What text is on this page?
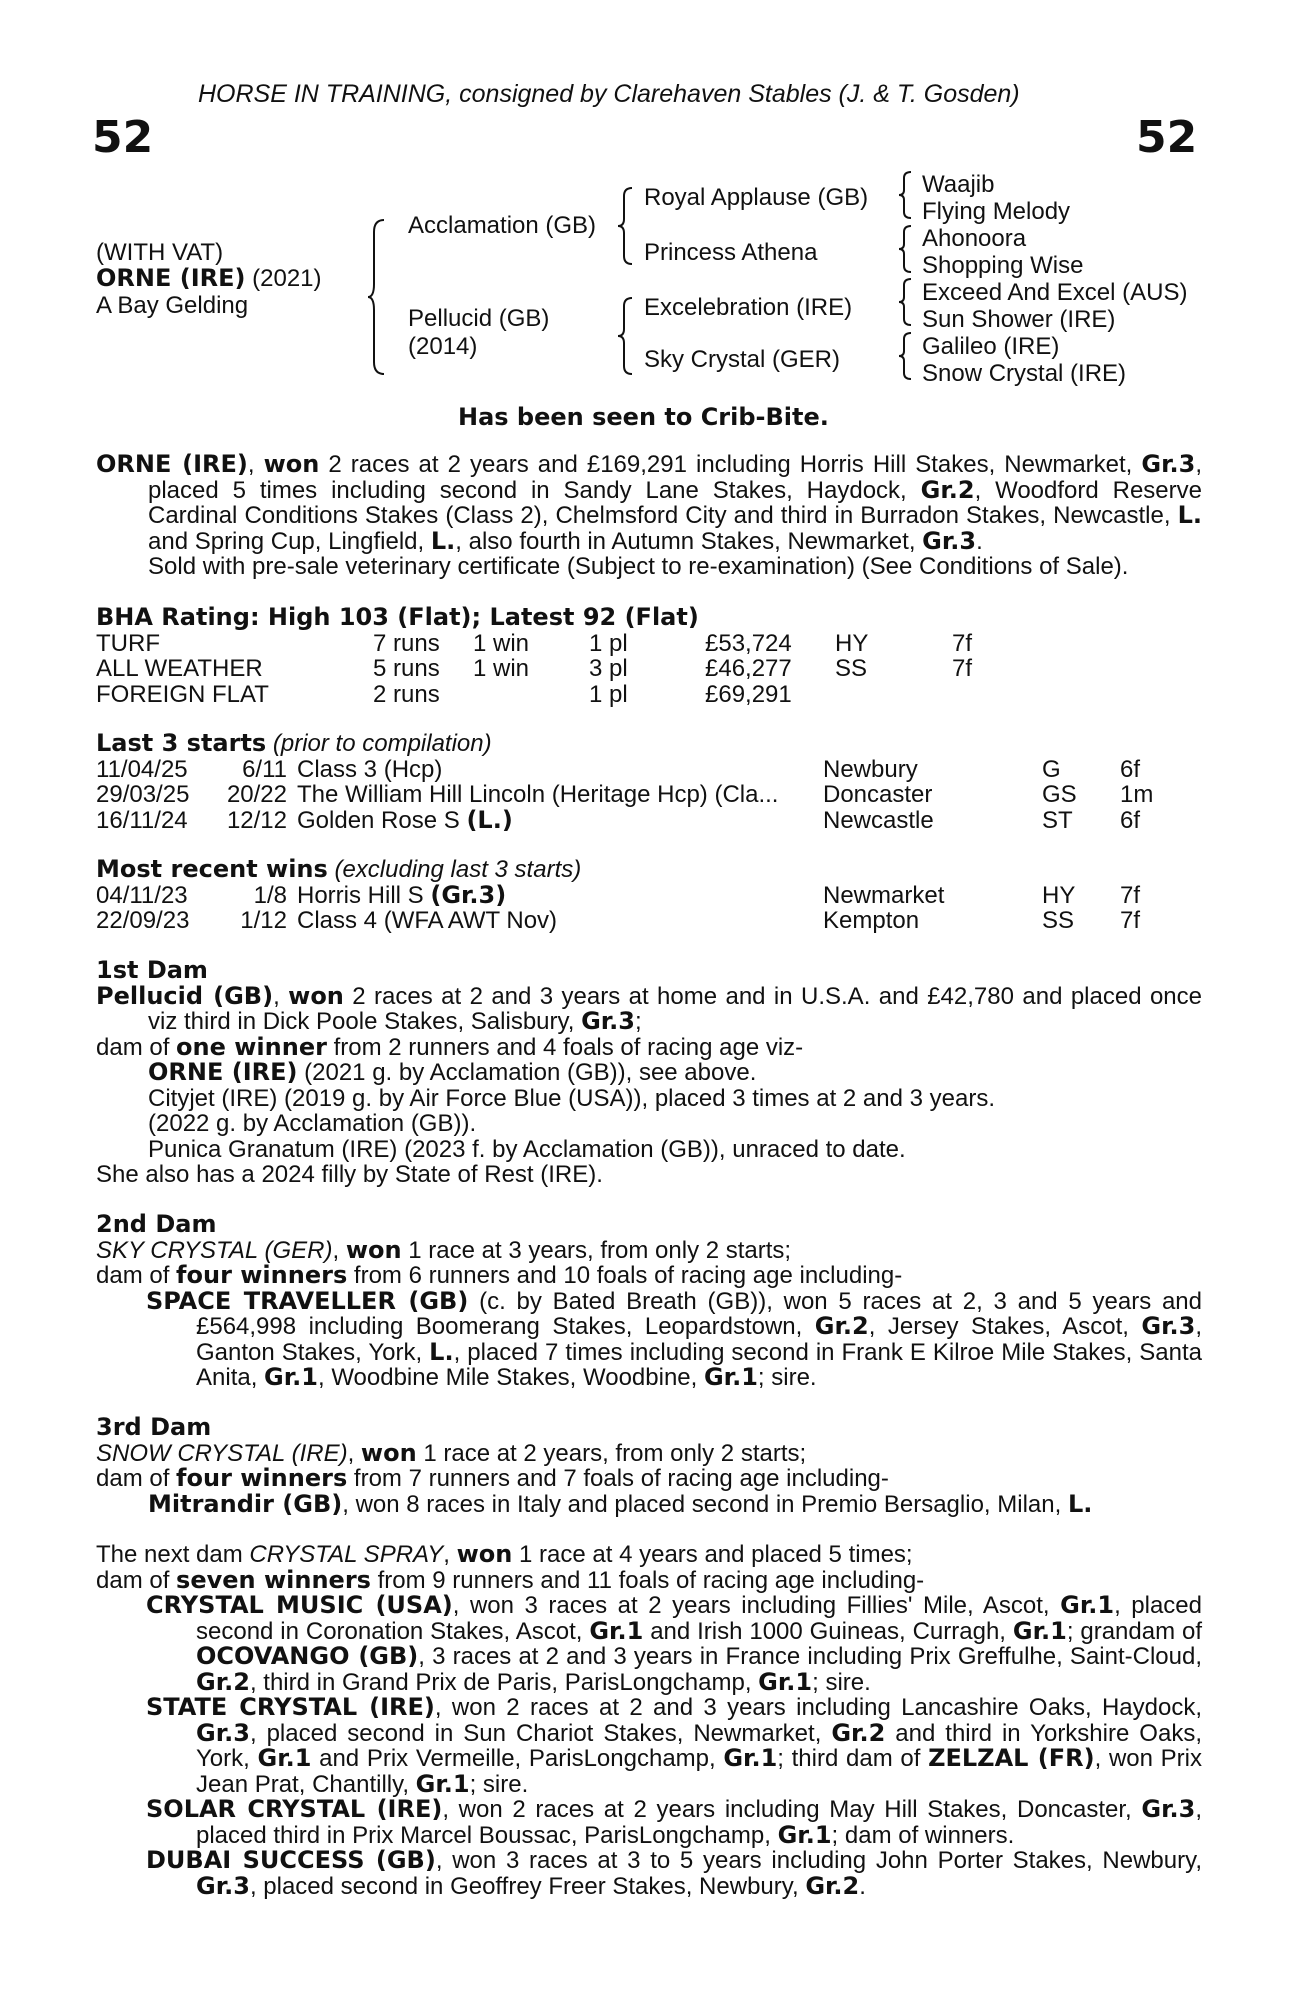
HORSE IN TRAINING, consigned by Clarehaven Stables (J. & T. Gosden)
52	52
(WITH VAT)
ORNE (IRE) (2021)
A Bay Gelding
Acclamation (GB)
Pellucid (GB)
(2014)
Royal Applause (GB)
Princess Athena
Excelebration (IRE)
Sky Crystal (GER)
Waajib
Flying Melody
Ahonoora
Shopping Wise
Exceed And Excel (AUS)
Sun Shower (IRE)
Galileo (IRE)
Snow Crystal (IRE)
Has been seen to Crib-Bite.

ORNE (IRE), won 2 races at 2 years and £169,291 including Horris Hill Stakes, Newmarket, Gr.3, placed 5 times including second in Sandy Lane Stakes, Haydock, Gr.2, Woodford Reserve Cardinal Conditions Stakes (Class 2), Chelmsford City and third in Burradon Stakes, Newcastle, L. and Spring Cup, Lingfield, L., also fourth in Autumn Stakes, Newmarket, Gr.3.

Sold with pre-sale veterinary certificate (Subject to re-examination) (See Conditions of Sale).

BHA Rating: High 103 (Flat); Latest 92 (Flat)
TURF	7 runs	1 win	1 pl	£53,724	HY	7f
ALL WEATHER	5 runs	1 win	3 pl	£46,277	SS	7f
FOREIGN FLAT	2 runs		1 pl	£69,291		
Last 3 starts (prior to compilation)
11/04/25	6/11	Class 3 (Hcp)	Newbury	G	6f
29/03/25	20/22	The William Hill Lincoln (Heritage Hcp) (Cla...	Doncaster	GS	1m
16/11/24	12/12	Golden Rose S (L.)	Newcastle	ST	6f
Most recent wins (excluding last 3 starts)
04/11/23	1/8	Horris Hill S (Gr.3)	Newmarket	HY	7f
22/09/23	1/12	Class 4 (WFA AWT Nov)	Kempton	SS	7f

1st Dam

Pellucid (GB), won 2 races at 2 and 3 years at home and in U.S.A. and £42,780 and placed once viz third in Dick Poole Stakes, Salisbury, Gr.3;

dam of one winner from 2 runners and 4 foals of racing age viz-

ORNE (IRE) (2021 g. by Acclamation (GB)), see above.

Cityjet (IRE) (2019 g. by Air Force Blue (USA)), placed 3 times at 2 and 3 years.

(2022 g. by Acclamation (GB)).

Punica Granatum (IRE) (2023 f. by Acclamation (GB)), unraced to date.

She also has a 2024 filly by State of Rest (IRE).

2nd Dam

SKY CRYSTAL (GER), won 1 race at 3 years, from only 2 starts;

dam of four winners from 6 runners and 10 foals of racing age including-

SPACE TRAVELLER (GB) (c. by Bated Breath (GB)), won 5 races at 2, 3 and 5 years and £564,998 including Boomerang Stakes, Leopardstown, Gr.2, Jersey Stakes, Ascot, Gr.3, Ganton Stakes, York, L., placed 7 times including second in Frank E Kilroe Mile Stakes, Santa Anita, Gr.1, Woodbine Mile Stakes, Woodbine, Gr.1; sire.

3rd Dam

SNOW CRYSTAL (IRE), won 1 race at 2 years, from only 2 starts;

dam of four winners from 7 runners and 7 foals of racing age including-

Mitrandir (GB), won 8 races in Italy and placed second in Premio Bersaglio, Milan, L.

The next dam CRYSTAL SPRAY, won 1 race at 4 years and placed 5 times;

dam of seven winners from 9 runners and 11 foals of racing age including-

CRYSTAL MUSIC (USA), won 3 races at 2 years including Fillies' Mile, Ascot, Gr.1, placed second in Coronation Stakes, Ascot, Gr.1 and Irish 1000 Guineas, Curragh, Gr.1; grandam of OCOVANGO (GB), 3 races at 2 and 3 years in France including Prix Greffulhe, Saint-Cloud, Gr.2, third in Grand Prix de Paris, ParisLongchamp, Gr.1; sire.

STATE CRYSTAL (IRE), won 2 races at 2 and 3 years including Lancashire Oaks, Haydock, Gr.3, placed second in Sun Chariot Stakes, Newmarket, Gr.2 and third in Yorkshire Oaks, York, Gr.1 and Prix Vermeille, ParisLongchamp, Gr.1; third dam of ZELZAL (FR), won Prix Jean Prat, Chantilly, Gr.1; sire.

SOLAR CRYSTAL (IRE), won 2 races at 2 years including May Hill Stakes, Doncaster, Gr.3, placed third in Prix Marcel Boussac, ParisLongchamp, Gr.1; dam of winners.

DUBAI SUCCESS (GB), won 3 races at 3 to 5 years including John Porter Stakes, Newbury, Gr.3, placed second in Geoffrey Freer Stakes, Newbury, Gr.2.
